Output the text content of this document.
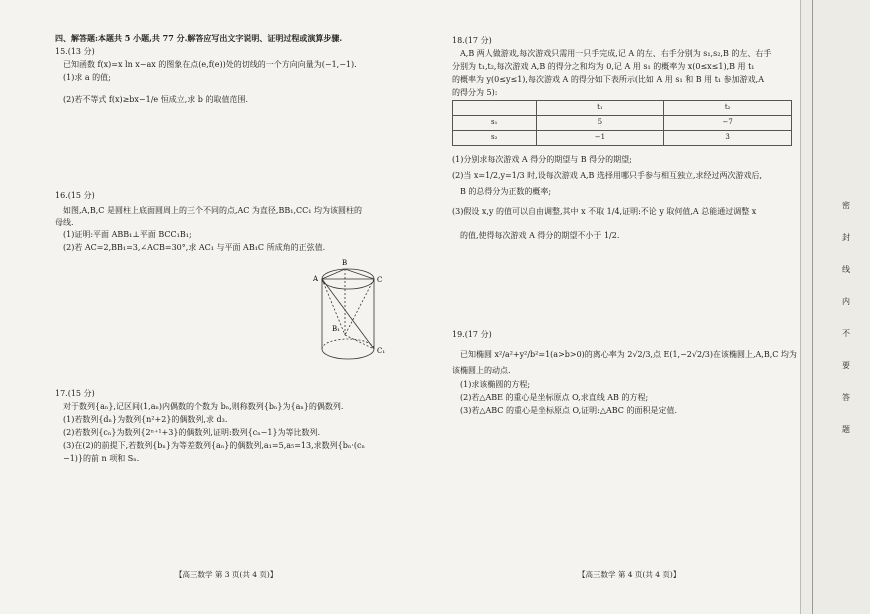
四、解答题:本题共 5 小题,共 77 分.解答应写出文字说明、证明过程或演算步骤.
15.(13 分)
已知函数 f(x)=x ln x−ax 的图象在点(e,f(e))处的切线的一个方向向量为(−1,−1).
(1)求 a 的值;
(2)若不等式 f(x)≥bx−1/e 恒成立,求 b 的取值范围.
16.(15 分)
如图,A,B,C 是圆柱上底面圆周上的三个不同的点,AC 为直径,BB₁,CC₁ 均为该圆柱的
母线.
(1)证明:平面 ABB₁⊥平面 BCC₁B₁;
(2)若 AC=2,BB₁=3,∠ACB=30°,求 AC₁ 与平面 AB₁C 所成角的正弦值.
17.(15 分)
对于数列{aₙ},记区间(1,aₙ)内偶数的个数为 bₙ,则称数列{bₙ}为{aₙ}的偶数列.
(1)若数列{dₙ}为数列{n²+2}的偶数列,求 d₃.
(2)若数列{cₙ}为数列{2ⁿ⁺¹+3}的偶数列,证明:数列{cₙ−1}为等比数列.
(3)在(2)的前提下,若数列{bₙ}为等差数列{aₙ}的偶数列,a₁=5,a₅=13,求数列{bₙ·(cₙ
−1)}的前 n 项和 Sₙ.
A
B
C
B₁
C₁
【高三数学 第 3 页(共 4 页)】
18.(17 分)
A,B 两人做游戏,每次游戏只需用一只手完成,记 A 的左、右手分别为 s₁,s₂,B 的左、右手
分别为 t₁,t₂,每次游戏 A,B 的得分之和均为 0,记 A 用 s₁ 的概率为 x(0≤x≤1),B 用 t₁
的概率为 y(0≤y≤1),每次游戏 A 的得分如下表所示(比如 A 用 s₁ 和 B 用 t₁ 参加游戏,A
的得分为 5):
	t₁	t₂
s₁	5	−7
s₂	−1	3
(1)分别求每次游戏 A 得分的期望与 B 得分的期望;
(2)当 x=1/2,y=1/3 时,设每次游戏 A,B 选择用哪只手参与相互独立,求经过两次游戏后,
B 的总得分为正数的概率;
(3)假设 x,y 的值可以自由调整,其中 x 不取 1/4,证明:不论 y 取何值,A 总能通过调整 x
的值,使得每次游戏 A 得分的期望不小于 1/2.
19.(17 分)
已知椭圆 x²/a²+y²/b²=1(a>b>0)的离心率为 2√2/3,点 E(1,−2√2/3)在该椭圆上,A,B,C 均为
该椭圆上的动点.
(1)求该椭圆的方程;
(2)若△ABE 的重心是坐标原点 O,求直线 AB 的方程;
(3)若△ABC 的重心是坐标原点 O,证明:△ABC 的面积是定值.
【高三数学 第 4 页(共 4 页)】
密
封
线
内
不
要
答
题
